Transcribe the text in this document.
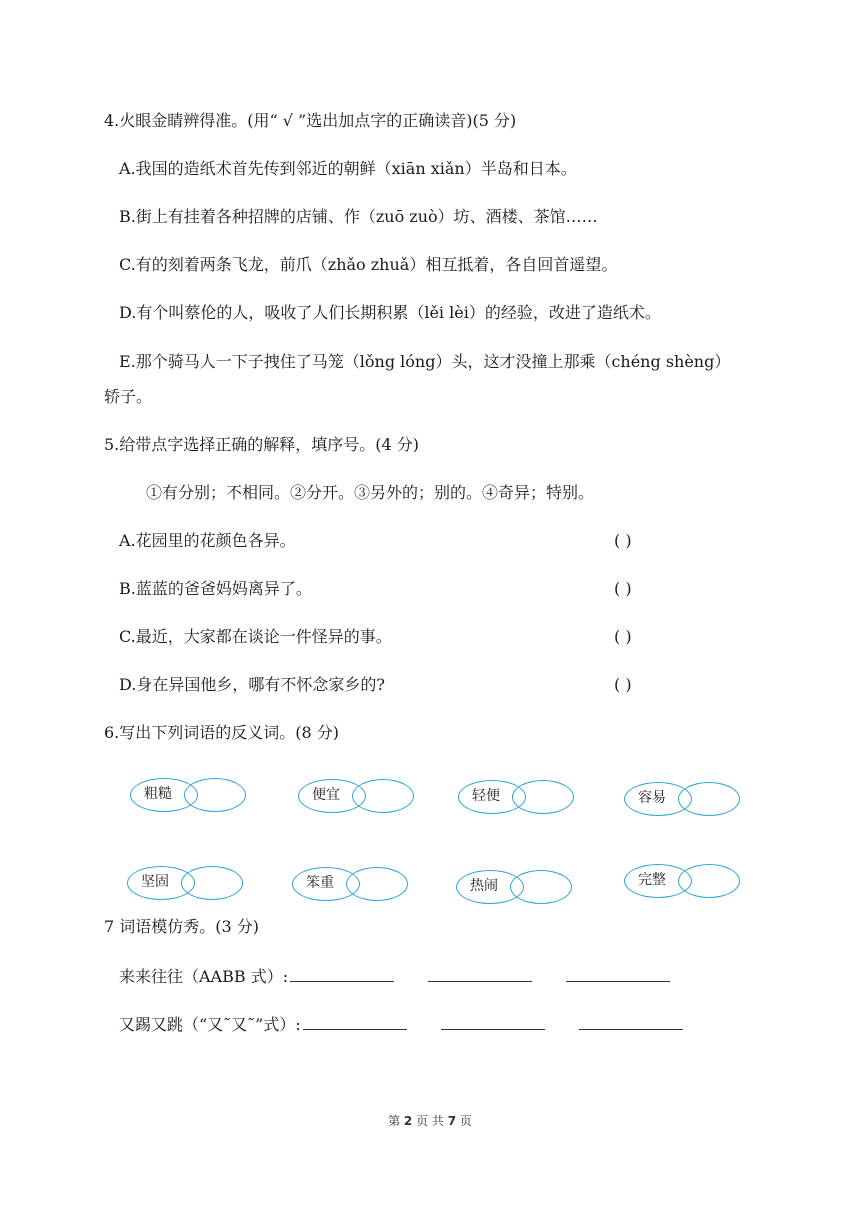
4.火眼金睛辨得准。(用“ √ ”选出加点字的正确读音)(5 分)
A.我国的造纸术首先传到邻近的朝鲜（xiān xiǎn）半岛和日本。
B.街上有挂着各种招牌的店铺、作（zuō zuò）坊、酒楼、茶馆……
C.有的刻着两条飞龙，前爪（zhǎo zhuǎ）相互抵着，各自回首遥望。
D.有个叫蔡伦的人，吸收了人们长期积累（lěi lèi）的经验，改进了造纸术。
E.那个骑马人一下子拽住了马笼（lǒng lóng）头，这才没撞上那乘（chéng shèng）
轿子。
5.给带点字选择正确的解释，填序号。(4 分)
①有分别；不相同。②分开。③另外的；别的。④奇异；特别。
A.花园里的花颜色各异。	( )
B.蓝蓝的爸爸妈妈离异了。	( )
C.最近，大家都在谈论一件怪异的事。	( )
D.身在异国他乡，哪有不怀念家乡的?	( )
6.写出下列词语的反义词。(8 分)
粗糙	便宜	轻便	容易
坚固	笨重	热闹	完整
7 词语模仿秀。(3 分)
来来往往（AABB 式）:
又踢又跳（“又˜又˜”式）:
第 2 页 共 7 页
